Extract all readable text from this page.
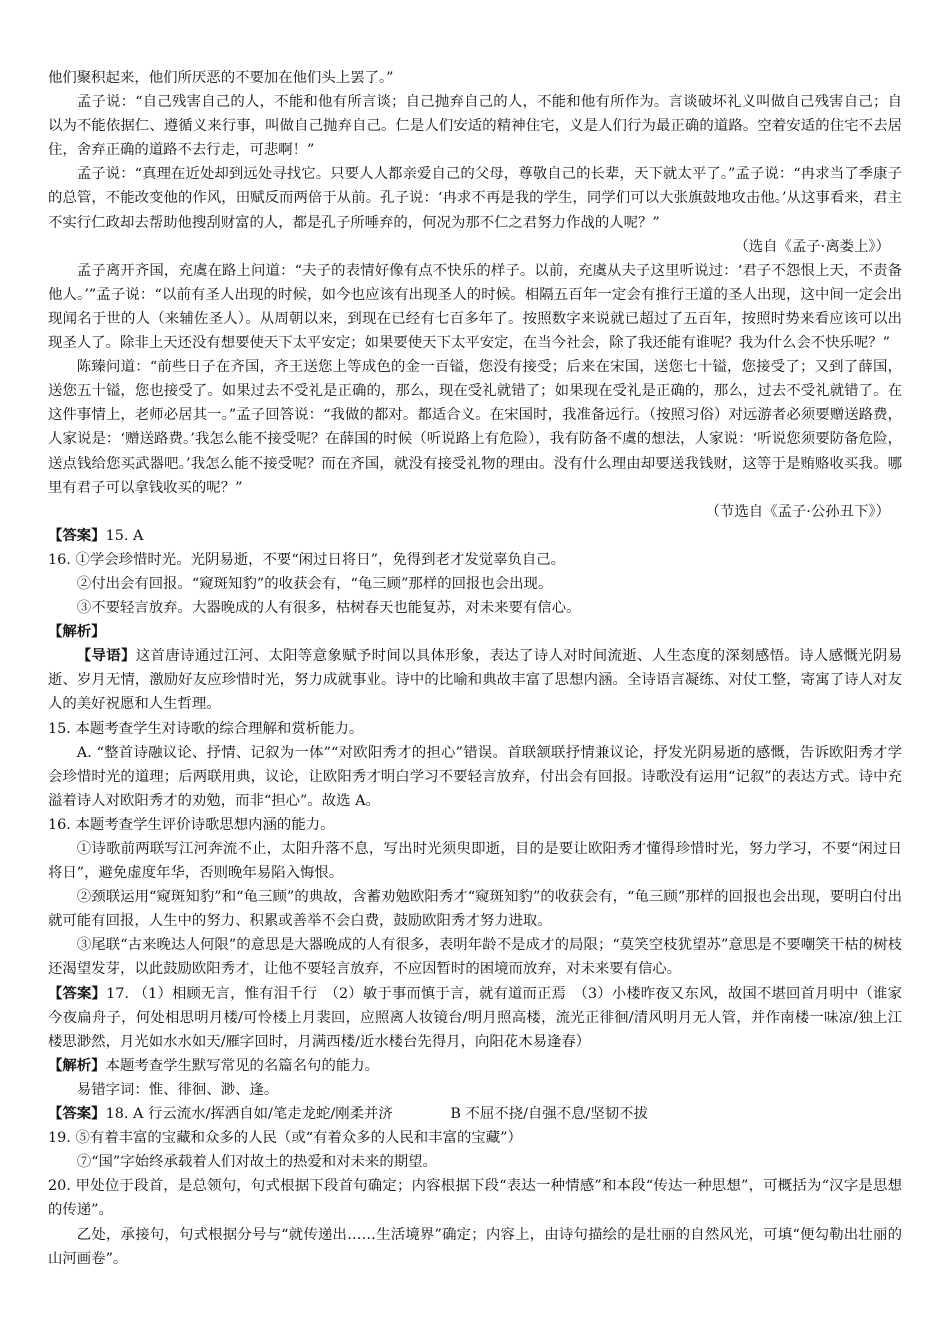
他们聚积起来，他们所厌恶的不要加在他们头上罢了。”

孟子说：“自己残害自己的人，不能和他有所言谈；自己抛弃自己的人，不能和他有所作为。言谈破坏礼义叫做自己残害自己；自以为不能依据仁、遵循义来行事，叫做自己抛弃自己。仁是人们安适的精神住宅，义是人们行为最正确的道路。空着安适的住宅不去居住，舍弃正确的道路不去行走，可悲啊！”

孟子说：“真理在近处却到远处寻找它。只要人人都亲爱自己的父母，尊敬自己的长辈，天下就太平了。”孟子说：“冉求当了季康子的总管，不能改变他的作风，田赋反而两倍于从前。孔子说：‘冉求不再是我的学生，同学们可以大张旗鼓地攻击他。’从这事看来，君主不实行仁政却去帮助他搜刮财富的人，都是孔子所唾弃的，何况为那不仁之君努力作战的人呢？”

（选自《孟子·离娄上》）

孟子离开齐国，充虞在路上问道：“夫子的表情好像有点不快乐的样子。以前，充虞从夫子这里听说过：‘君子不怨恨上天，不责备他人。’”孟子说：“以前有圣人出现的时候，如今也应该有出现圣人的时候。相隔五百年一定会有推行王道的圣人出现，这中间一定会出现闻名于世的人（来辅佐圣人）。从周朝以来，到现在已经有七百多年了。按照数字来说就已超过了五百年，按照时势来看应该可以出现圣人了。除非上天还没有想要使天下太平安定；如果要使天下太平安定，在当今社会，除了我还能有谁呢？我为什么会不快乐呢？”

陈臻问道：“前些日子在齐国，齐王送您上等成色的金一百镒，您没有接受；后来在宋国，送您七十镒，您接受了；又到了薛国，送您五十镒，您也接受了。如果过去不受礼是正确的，那么，现在受礼就错了；如果现在受礼是正确的，那么，过去不受礼就错了。在这件事情上，老师必居其一。”孟子回答说：“我做的都对。都适合义。在宋国时，我准备远行。（按照习俗）对远游者必须要赠送路费，人家说是：‘赠送路费。’我怎么能不接受呢？在薛国的时候（听说路上有危险），我有防备不虞的想法，人家说：‘听说您须要防备危险，送点钱给您买武器吧。’我怎么能不接受呢？而在齐国，就没有接受礼物的理由。没有什么理由却要送我钱财，这等于是贿赂收买我。哪里有君子可以拿钱收买的呢？”

（节选自《孟子·公孙丑下》）

【答案】15. A

16. ①学会珍惜时光。光阴易逝，不要“闲过日将日”，免得到老才发觉辜负自己。

②付出会有回报。“窥斑知豹”的收获会有，“龟三顾”那样的回报也会出现。

③不要轻言放弃。大器晚成的人有很多，枯树春天也能复苏，对未来要有信心。

【解析】

【导语】这首唐诗通过江河、太阳等意象赋予时间以具体形象，表达了诗人对时间流逝、人生态度的深刻感悟。诗人感慨光阴易逝、岁月无情，激励好友应珍惜时光，努力成就事业。诗中的比喻和典故丰富了思想内涵。全诗语言凝练、对仗工整，寄寓了诗人对友人的美好祝愿和人生哲理。

15. 本题考查学生对诗歌的综合理解和赏析能力。

A. “整首诗融议论、抒情、记叙为一体”“对欧阳秀才的担心”错误。首联颔联抒情兼议论，抒发光阴易逝的感慨，告诉欧阳秀才学会珍惜时光的道理；后两联用典，议论，让欧阳秀才明白学习不要轻言放弃，付出会有回报。诗歌没有运用“记叙”的表达方式。诗中充溢着诗人对欧阳秀才的劝勉，而非“担心”。故选 A。

16. 本题考查学生评价诗歌思想内涵的能力。

①诗歌前两联写江河奔流不止，太阳升落不息，写出时光须臾即逝，目的是要让欧阳秀才懂得珍惜时光，努力学习，不要“闲过日将日”，避免虚度年华，否则晚年易陷入悔恨。

②颈联运用“窥斑知豹”和“龟三顾”的典故，含蓄劝勉欧阳秀才“窥斑知豹”的收获会有，“龟三顾”那样的回报也会出现，要明白付出就可能有回报，人生中的努力、积累或善举不会白费，鼓励欧阳秀才努力进取。

③尾联“古来晚达人何限”的意思是大器晚成的人有很多，表明年龄不是成才的局限；“莫笑空枝犹望苏”意思是不要嘲笑干枯的树枝还渴望发芽，以此鼓励欧阳秀才，让他不要轻言放弃，不应因暂时的困境而放弃，对未来要有信心。

【答案】17. （1）相顾无言，惟有泪千行　（2）敏于事而慎于言，就有道而正焉　（3）小楼昨夜又东风，故国不堪回首月明中（谁家今夜扁舟子，何处相思明月楼/可怜楼上月裴回，应照离人妆镜台/明月照高楼，流光正徘徊/清风明月无人管，并作南楼一味凉/独上江楼思渺然，月光如水水如天/雁字回时，月满西楼/近水楼台先得月，向阳花木易逢春）

【解析】本题考查学生默写常见的名篇名句的能力。

易错字词：惟、徘徊、渺、逢。

【答案】18. A 行云流水/挥洒自如/笔走龙蛇/刚柔并济　　　　B 不屈不挠/自强不息/坚韧不拔

19. ⑤有着丰富的宝藏和众多的人民（或“有着众多的人民和丰富的宝藏”）

⑦“国”字始终承载着人们对故土的热爱和对未来的期望。

20. 甲处位于段首，是总领句，句式根据下段首句确定；内容根据下段“表达一种情感”和本段“传达一种思想”，可概括为“汉字是思想的传递”。

乙处，承接句，句式根据分号与“就传递出……生活境界”确定；内容上，由诗句描绘的是壮丽的自然风光，可填“便勾勒出壮丽的山河画卷”。
